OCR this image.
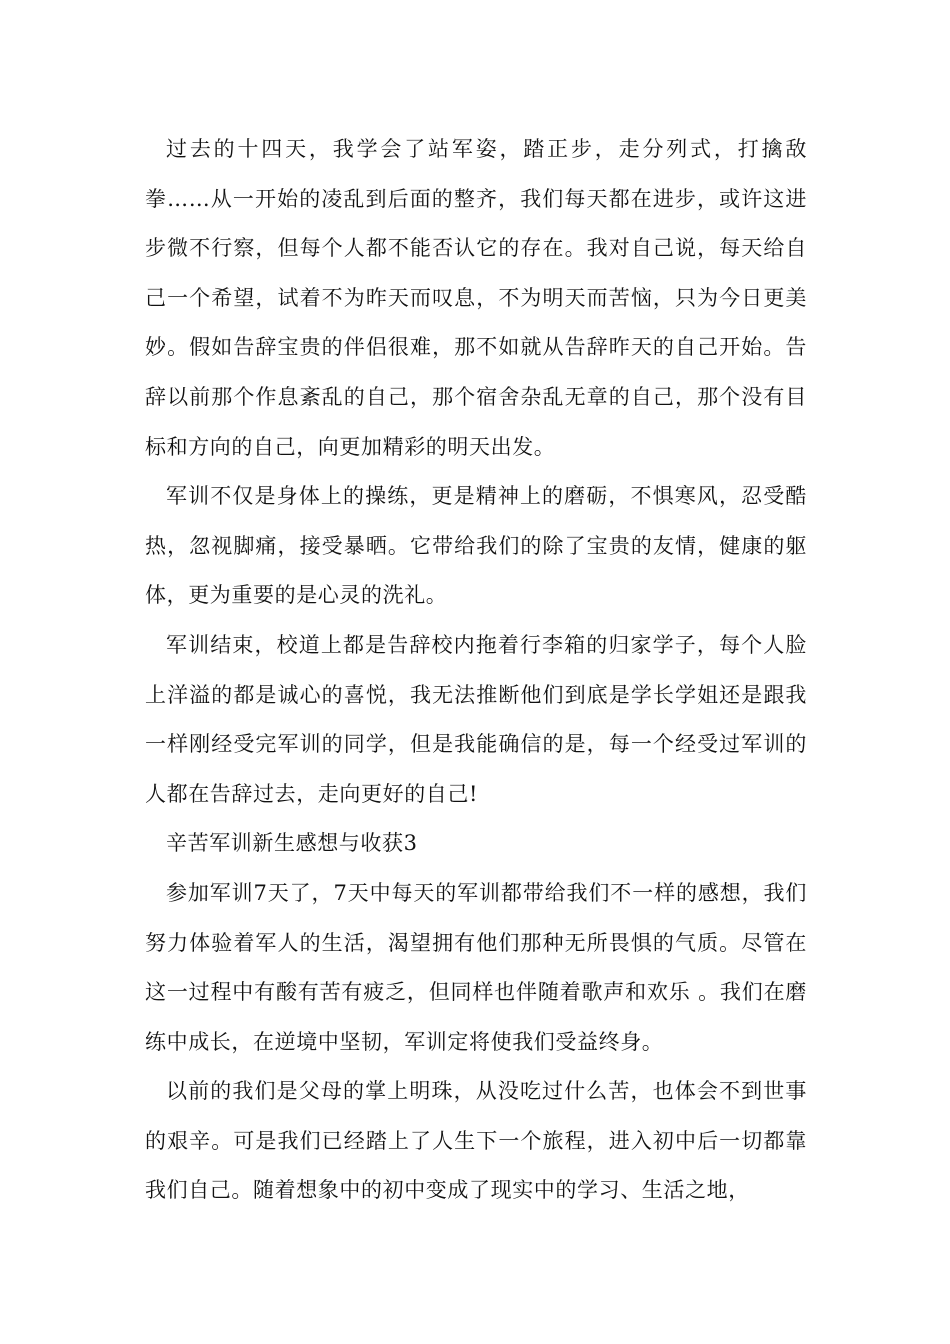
过去的十四天，我学会了站军姿，踏正步，走分列式，打擒敌拳……从一开始的凌乱到后面的整齐，我们每天都在进步，或许这进步微不行察，但每个人都不能否认它的存在。我对自己说，每天给自己一个希望，试着不为昨天而叹息，不为明天而苦恼，只为今日更美妙。假如告辞宝贵的伴侣很难，那不如就从告辞昨天的自己开始。告辞以前那个作息紊乱的自己，那个宿舍杂乱无章的自己，那个没有目标和方向的自己，向更加精彩的明天出发。

军训不仅是身体上的操练，更是精神上的磨砺，不惧寒风，忍受酷热，忽视脚痛，接受暴晒。它带给我们的除了宝贵的友情，健康的躯体，更为重要的是心灵的洗礼。

军训结束，校道上都是告辞校内拖着行李箱的归家学子，每个人脸上洋溢的都是诚心的喜悦，我无法推断他们到底是学长学姐还是跟我一样刚经受完军训的同学，但是我能确信的是，每一个经受过军训的人都在告辞过去，走向更好的自己!

辛苦军训新生感想与收获3

参加军训7天了，7天中每天的军训都带给我们不一样的感想，我们努力体验着军人的生活，渴望拥有他们那种无所畏惧的气质。尽管在这一过程中有酸有苦有疲乏，但同样也伴随着歌声和欢乐 。我们在磨练中成长，在逆境中坚韧，军训定将使我们受益终身。

以前的我们是父母的掌上明珠，从没吃过什么苦，也体会不到世事的艰辛。可是我们已经踏上了人生下一个旅程，进入初中后一切都靠我们自己。随着想象中的初中变成了现实中的学习、生活之地，
